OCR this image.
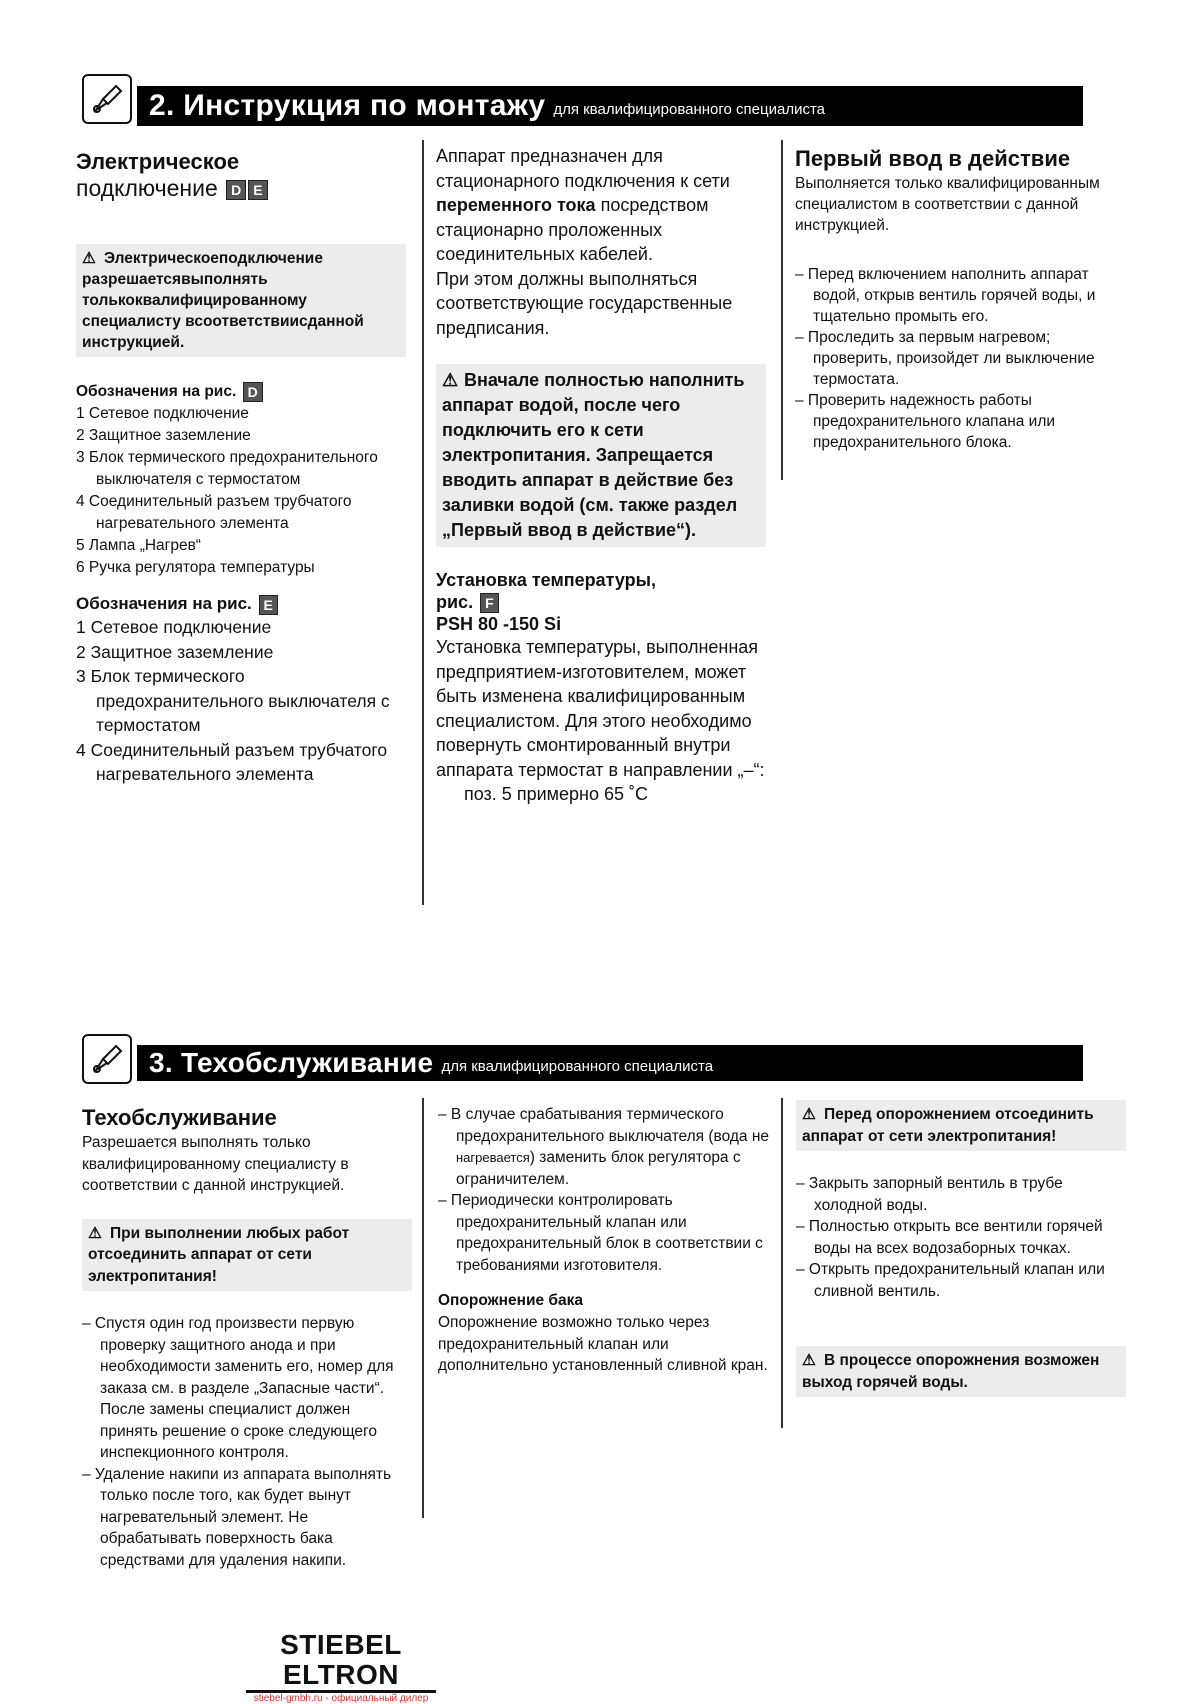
2. Инструкция по монтажу для квалифицированного специалиста

Электрическое

подключение D E

⚠ Электрическоеподключение разрешаетсявыполнять толькоквалифицированному специалисту всоответствиисданной инструкцией.

Обозначения на рис. D

1 Сетевое подключение
2 Защитное заземление
3 Блок термического предохранительного выключателя с термостатом
4 Соединительный разъем трубчатого нагревательного элемента
5 Лампа „Нагрев“
6 Ручка регулятора температуры

Обозначения на рис. E

1 Сетевое подключение
2 Защитное заземление
3 Блок термического предохранительного выключателя с термостатом
4 Соединительный разъем трубчатого нагревательного элемента

Аппарат предназначен для стационарного подключения к сети переменного тока посредством стационарно проложенных соединительных кабелей.

При этом должны выполняться соответствующие государственные предписания.

⚠ Вначале полностью наполнить аппарат водой, после чего подключить его к сети электропитания. Запрещается вводить аппарат в действие без заливки водой (см. также раздел „Первый ввод в действие“).

Установка температуры,

рис. F

PSH 80 -150 Si

Установка температуры, выполненная предприятием-изготовителем, может быть изменена квалифицированным специалистом. Для этого необходимо повернуть смонтированный внутри аппарата термостат в направлении „–“:

поз. 5 примерно 65 ˚C

Первый ввод в действие

Выполняется только квалифицированным специалистом в соответствии с данной инструкцией.

– Перед включением наполнить аппарат водой, открыв вентиль горячей воды, и тщательно промыть его.
– Проследить за первым нагревом; проверить, произойдет ли выключение термостата.
– Проверить надежность работы предохранительного клапана или предохранительного блока.
3. Техобслуживание для квалифицированного специалиста

Техобслуживание

Разрешается выполнять только квалифицированному специалисту в соответствии с данной инструкцией.

⚠ При выполнении любых работ отсоединить аппарат от сети электропитания!
– Спустя один год произвести первую проверку защитного анода и при необходимости заменить его, номер для заказа см. в разделе „Запасные части“. После замены специалист должен принять решение о сроке следующего инспекционного контроля.
– Удаление накипи из аппарата выполнять только после того, как будет вынут нагревательный элемент. Не обрабатывать поверхность бака средствами для удаления накипи.
– В случае срабатывания термического предохранительного выключателя (вода не нагревается) заменить блок регулятора с ограничителем.
– Периодически контролировать предохранительный клапан или предохранительный блок в соответствии с требованиями изготовителя.

Опорожнение бака

Опорожнение возможно только через предохранительный клапан или дополнительно установленный сливной кран.

⚠ Перед опорожнением отсоединить аппарат от сети электропитания!
– Закрыть запорный вентиль в трубе холодной воды.
– Полностью открыть все вентили горячей воды на всех водозаборных точках.
– Открыть предохранительный клапан или сливной вентиль.
⚠ В процессе опорожнения возможен выход горячей воды.
STIEBEL ELTRON
stiebel-gmbh.ru - официальный дилер
